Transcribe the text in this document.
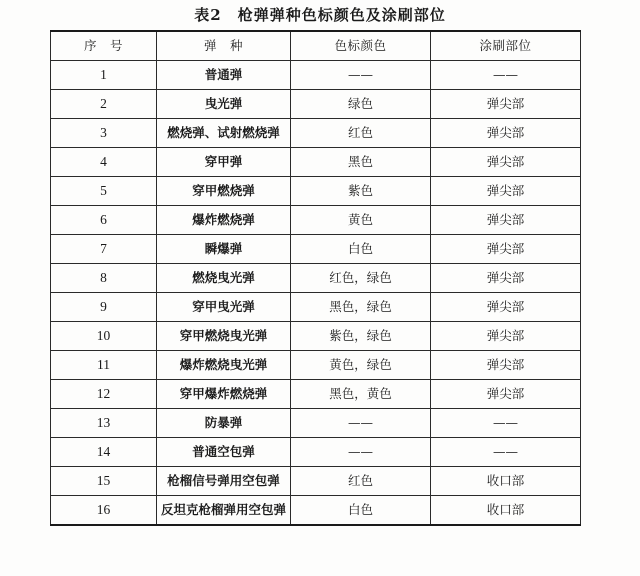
表2　枪弹弹种色标颜色及涂刷部位
序　号	弹　种	色标颜色	涂刷部位
1	普通弹	——	——
2	曳光弹	绿色	弹尖部
3	燃烧弹、试射燃烧弹	红色	弹尖部
4	穿甲弹	黑色	弹尖部
5	穿甲燃烧弹	紫色	弹尖部
6	爆炸燃烧弹	黄色	弹尖部
7	瞬爆弹	白色	弹尖部
8	燃烧曳光弹	红色，绿色	弹尖部
9	穿甲曳光弹	黑色，绿色	弹尖部
10	穿甲燃烧曳光弹	紫色，绿色	弹尖部
11	爆炸燃烧曳光弹	黄色，绿色	弹尖部
12	穿甲爆炸燃烧弹	黑色，黄色	弹尖部
13	防暴弹	——	——
14	普通空包弹	——	——
15	枪榴信号弹用空包弹	红色	收口部
16	反坦克枪榴弹用空包弹	白色	收口部
